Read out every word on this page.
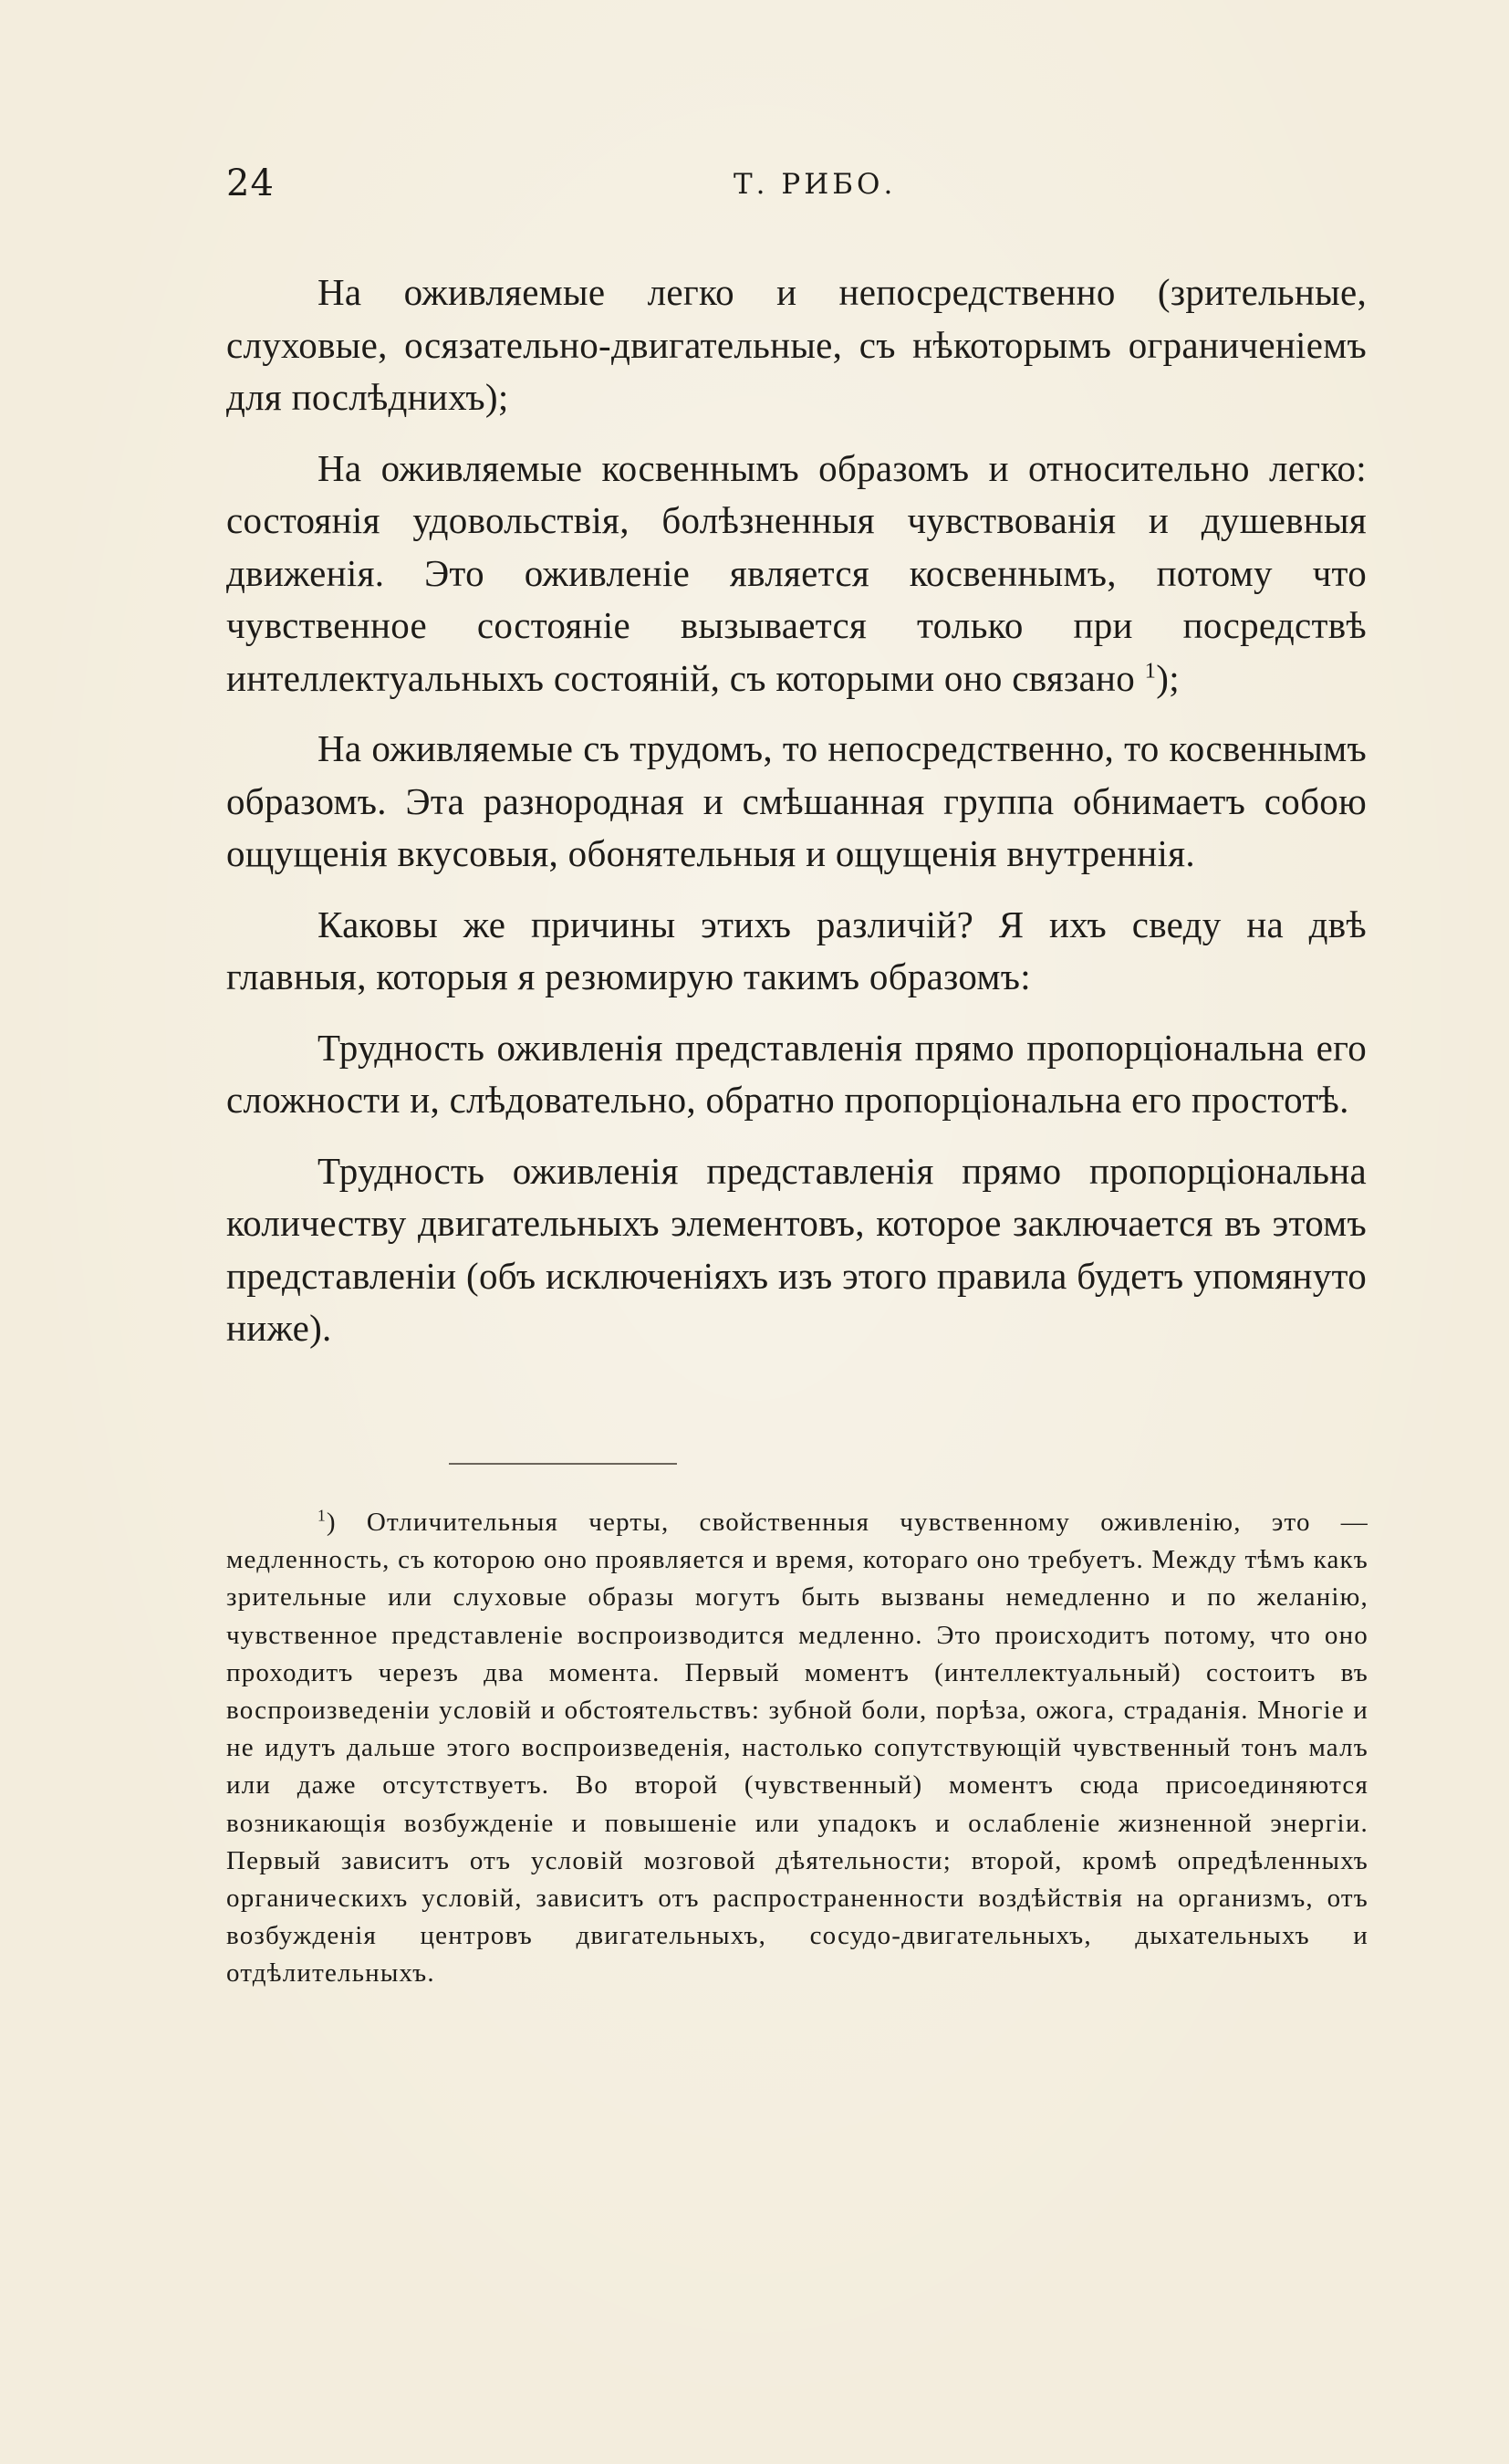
24	Т. РИБО.

На оживляемые легко и непосредственно (зрительные, слуховые, осязательно-двигательные, съ нѣкоторымъ ограниченіемъ для послѣднихъ);

На оживляемые косвеннымъ образомъ и относительно легко: состоянія удовольствія, болѣзненныя чувствованія и душевныя движенія. Это оживленіе является косвеннымъ, потому что чувственное состояніе вызывается только при посредствѣ интеллектуальныхъ состояній, съ которыми оно связано $^1$);

На оживляемые съ трудомъ, то непосредственно, то косвеннымъ образомъ. Эта разнородная и смѣшанная группа обнимаетъ собою ощущенія вкусовыя, обонятельныя и ощущенія внутреннія.

Каковы же причины этихъ различій? Я ихъ сведу на двѣ главныя, которыя я резюмирую такимъ образомъ:

Трудность оживленія представленія прямо пропорціональна его сложности и, слѣдовательно, обратно пропорціональна его простотѣ.

Трудность оживленія представленія прямо пропорціональна количеству двигательныхъ элементовъ, которое заключается въ этомъ представленіи (объ исключеніяхъ изъ этого правила будетъ упомянуто ниже).

$^1$) Отличительныя черты, свойственныя чувственному оживленію, это — медленность, съ которою оно проявляется и время, котораго оно требуетъ. Между тѣмъ какъ зрительные или слуховые образы могутъ быть вызваны немедленно и по желанію, чувственное представленіе воспроизводится медленно. Это происходитъ потому, что оно проходитъ черезъ два момента. Первый моментъ (интеллектуальный) состоитъ въ воспроизведеніи условій и обстоятельствъ: зубной боли, порѣза, ожога, страданія. Многіе и не идутъ дальше этого воспроизведенія, настолько сопутствующій чувственный тонъ малъ или даже отсутствуетъ. Во второй (чувственный) моментъ сюда присоединяются возникающія возбужденіе и повышеніе или упадокъ и ослабленіе жизненной энергіи. Первый зависитъ отъ условій мозговой дѣятельности; второй, кромѣ опредѣленныхъ органическихъ условій, зависитъ отъ распространенности воздѣйствія на организмъ, отъ возбужденія центровъ двигательныхъ, сосудо-двигательныхъ, дыхательныхъ и отдѣлительныхъ.
